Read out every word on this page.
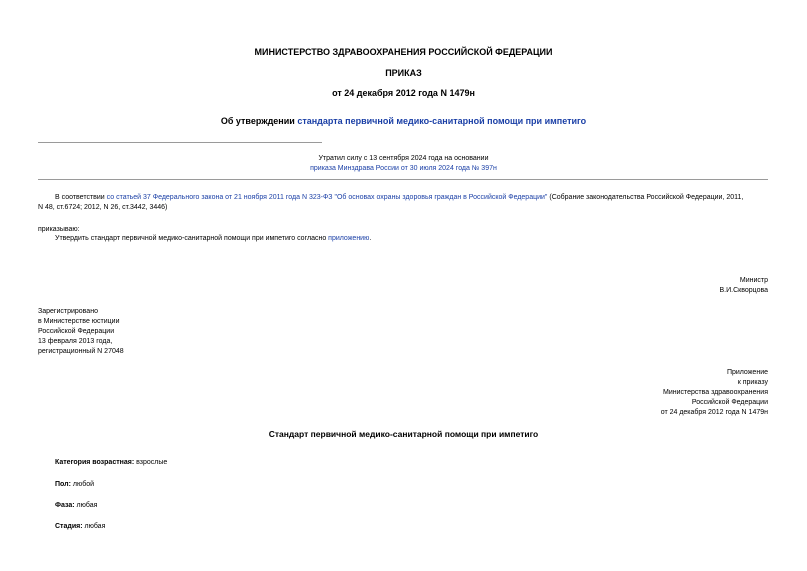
МИНИСТЕРСТВО ЗДРАВООХРАНЕНИЯ РОССИЙСКОЙ ФЕДЕРАЦИИ
ПРИКАЗ
от 24 декабря 2012 года N 1479н
Об утверждении стандарта первичной медико-санитарной помощи при импетиго
Утратил силу с 13 сентября 2024 года на основании
приказа Минздрава России от 30 июля 2024 года № 397н
В соответствии со статьей 37 Федерального закона от 21 ноября 2011 года N 323-ФЗ "Об основах охраны здоровья граждан в Российской Федерации" (Собрание законодательства Российской Федерации, 2011,
N 48, ст.6724; 2012, N 26, ст.3442, 3446)
приказываю:
Утвердить стандарт первичной медико-санитарной помощи при импетиго согласно приложению.
Министр
В.И.Скворцова
Зарегистрировано
в Министерстве юстиции
Российской Федерации
13 февраля 2013 года,
регистрационный N 27048
Приложение
к приказу
Министерства здравоохранения
Российской Федерации
от 24 декабря 2012 года N 1479н
Стандарт первичной медико-санитарной помощи при импетиго
Категория возрастная: взрослые
Пол: любой
Фаза: любая
Стадия: любая
